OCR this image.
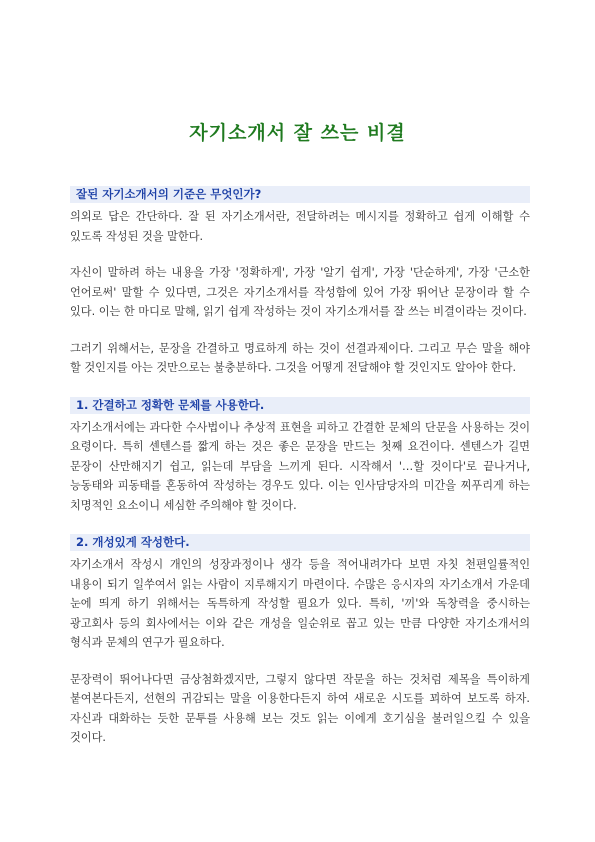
자기소개서 잘 쓰는 비결
잘된 자기소개서의 기준은 무엇인가?

의외로 답은 간단하다. 잘 된 자기소개서란, 전달하려는 메시지를 정확하고 쉽게 이해할 수 있도록 작성된 것을 말한다.

자신이 말하려 하는 내용을 가장 '정확하게', 가장 '알기 쉽게', 가장 '단순하게', 가장 '근소한 언어로써' 말할 수 있다면, 그것은 자기소개서를 작성함에 있어 가장 뛰어난 문장이라 할 수 있다. 이는 한 마디로 말해, 읽기 쉽게 작성하는 것이 자기소개서를 잘 쓰는 비결이라는 것이다.

그러기 위해서는, 문장을 간결하고 명료하게 하는 것이 선결과제이다. 그리고 무슨 말을 해야 할 것인지를 아는 것만으로는 불충분하다. 그것을 어떻게 전달해야 할 것인지도 알아야 한다.

1. 간결하고 정확한 문체를 사용한다.

자기소개서에는 과다한 수사법이나 추상적 표현을 피하고 간결한 문체의 단문을 사용하는 것이 요령이다. 특히 센텐스를 짧게 하는 것은 좋은 문장을 만드는 첫째 요건이다. 센텐스가 길면 문장이 산만해지기 쉽고, 읽는데 부담을 느끼게 된다. 시작해서 '…할 것이다'로 끝나거나, 능동태와 피동태를 혼동하여 작성하는 경우도 있다. 이는 인사담당자의 미간을 찌푸리게 하는 치명적인 요소이니 세심한 주의해야 할 것이다.

2. 개성있게 작성한다.

자기소개서 작성시 개인의 성장과정이나 생각 등을 적어내려가다 보면 자칫 천편일률적인 내용이 되기 일쑤여서 읽는 사람이 지루해지기 마련이다. 수많은 응시자의 자기소개서 가운데 눈에 띄게 하기 위해서는 독특하게 작성할 필요가 있다. 특히, '끼'와 독창력을 중시하는 광고회사 등의 회사에서는 이와 같은 개성을 일순위로 꼽고 있는 만큼 다양한 자기소개서의 형식과 문체의 연구가 필요하다.

문장력이 뛰어나다면 금상첨화겠지만, 그렇지 않다면 작문을 하는 것처럼 제목을 특이하게 붙여본다든지, 선현의 귀감되는 말을 이용한다든지 하여 새로운 시도를 꾀하여 보도록 하자. 자신과 대화하는 듯한 문투를 사용해 보는 것도 읽는 이에게 호기심을 불러일으킬 수 있을 것이다.
